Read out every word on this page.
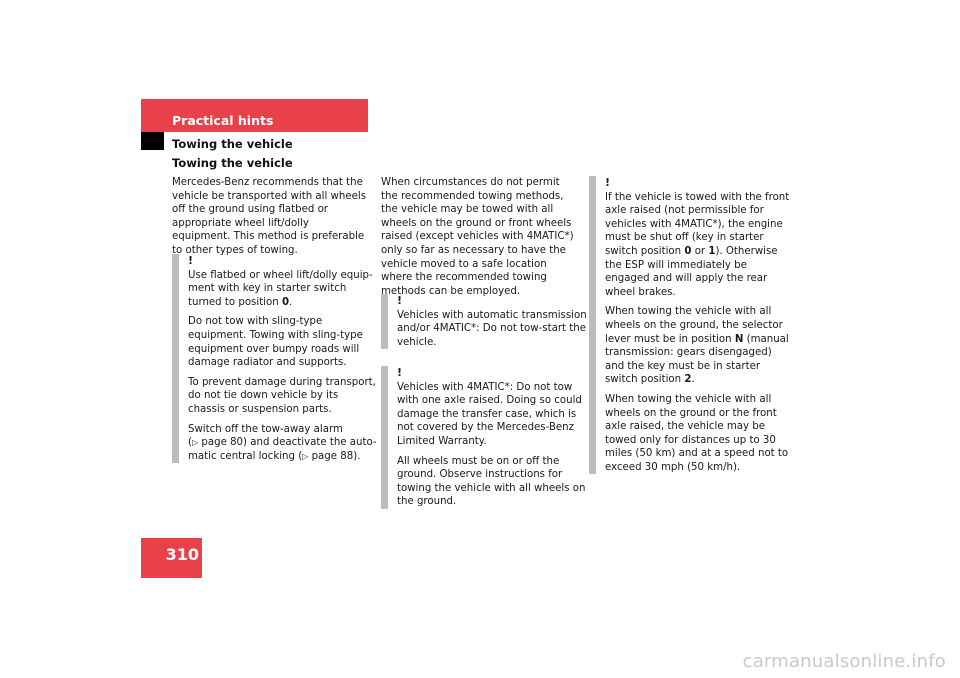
Practical hints
Towing the vehicle
Towing the vehicle

Mercedes-Benz recommends that the vehicle be transported with all wheels off the ground using flatbed or appropriate wheel lift/dolly equipment. This method is preferable to other types of towing.

!

Use flatbed or wheel lift/dolly equip-ment with key in starter switch turned to position 0.

Do not tow with sling-type equipment. Towing with sling-type equipment over bumpy roads will damage radiator and supports.

To prevent damage during transport, do not tie down vehicle by its chassis or suspension parts.

Switch off the tow-away alarm (▷ page 80) and deactivate the auto-matic central locking (▷ page 88).

When circumstances do not permit the recommended towing methods, the vehicle may be towed with all wheels on the ground or front wheels raised (except vehicles with 4MATIC*) only so far as necessary to have the vehicle moved to a safe location where the recommended towing methods can be employed.

!

Vehicles with automatic transmission and/or 4MATIC*: Do not tow-start the vehicle.

!

Vehicles with 4MATIC*: Do not tow with one axle raised. Doing so could damage the transfer case, which is not covered by the Mercedes-Benz Limited Warranty.

All wheels must be on or off the ground. Observe instructions for towing the vehicle with all wheels on the ground.

!

If the vehicle is towed with the front axle raised (not permissible for vehicles with 4MATIC*), the engine must be shut off (key in starter switch position 0 or 1). Otherwise the ESP will immediately be engaged and will apply the rear wheel brakes.

When towing the vehicle with all wheels on the ground, the selector lever must be in position N (manual transmission: gears disengaged) and the key must be in starter switch position 2.

When towing the vehicle with all wheels on the ground or the front axle raised, the vehicle may be towed only for distances up to 30 miles (50 km) and at a speed not to exceed 30 mph (50 km/h).

310
carmanualsonline.info
